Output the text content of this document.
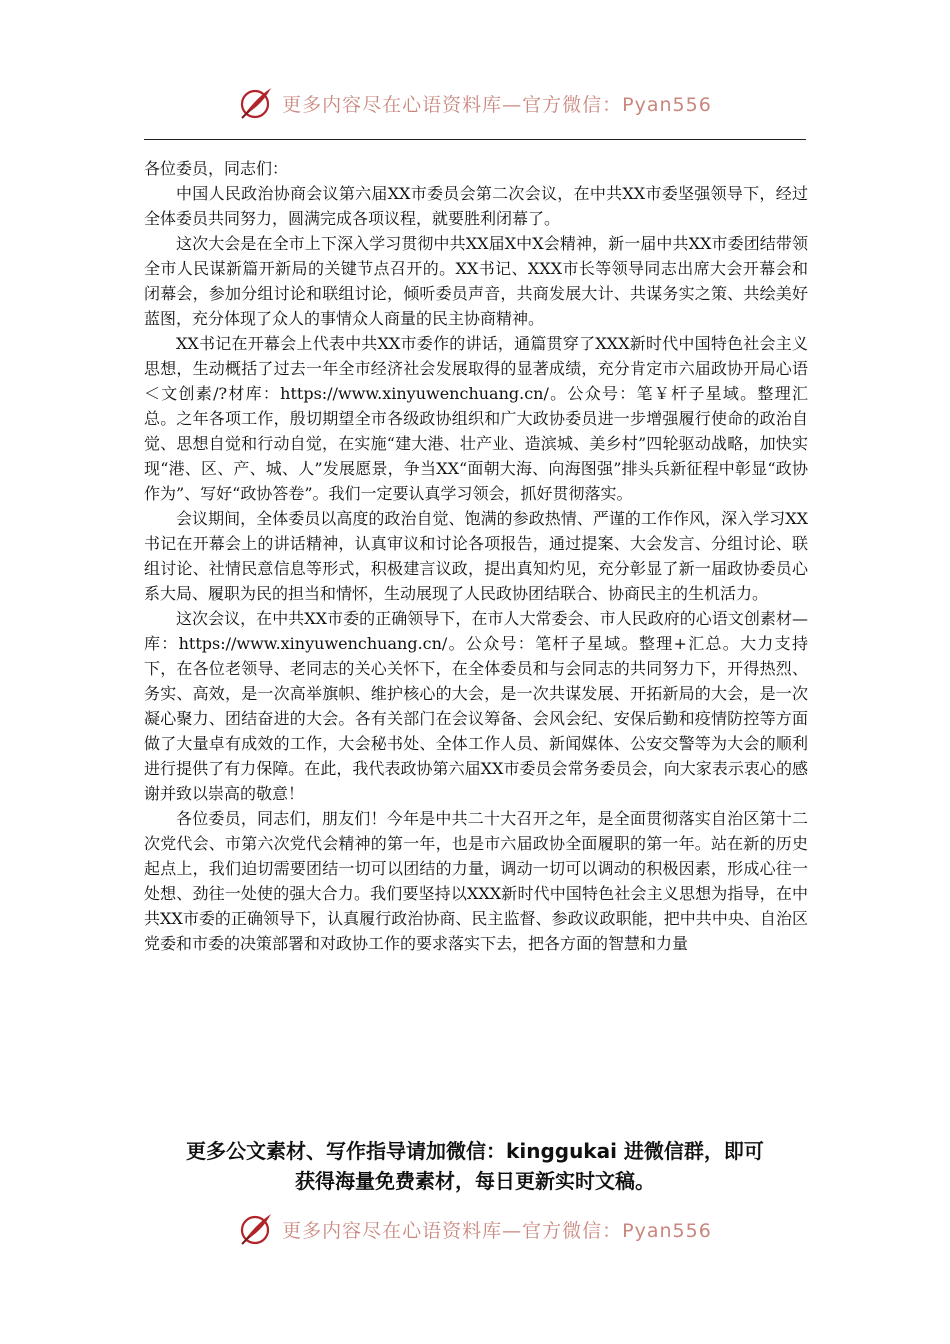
更多内容尽在心语资料库—官方微信：Pyan556

各位委员，同志们：

中国人民政治协商会议第六届XX市委员会第二次会议，在中共XX市委坚强领导下，经过全体委员共同努力，圆满完成各项议程，就要胜利闭幕了。

这次大会是在全市上下深入学习贯彻中共XX届X中X会精神，新一届中共XX市委团结带领全市人民谋新篇开新局的关键节点召开的。XX书记、XXX市长等领导同志出席大会开幕会和闭幕会，参加分组讨论和联组讨论，倾听委员声音，共商发展大计、共谋务实之策、共绘美好蓝图，充分体现了众人的事情众人商量的民主协商精神。

XX书记在开幕会上代表中共XX市委作的讲话，通篇贯穿了XXX新时代中国特色社会主义思想，生动概括了过去一年全市经济社会发展取得的显著成绩，充分肯定市六届政协开局心语＜文创素/?材库：https://www.xinyuwenchuang.cn/。公众号：笔￥杆子星域。整理汇总。之年各项工作，殷切期望全市各级政协组织和广大政协委员进一步增强履行使命的政治自觉、思想自觉和行动自觉，在实施“建大港、壮产业、造滨城、美乡村”四轮驱动战略，加快实现“港、区、产、城、人”发展愿景，争当XX“面朝大海、向海图强”排头兵新征程中彰显“政协作为”、写好“政协答卷”。我们一定要认真学习领会，抓好贯彻落实。

会议期间，全体委员以高度的政治自觉、饱满的参政热情、严谨的工作作风，深入学习XX书记在开幕会上的讲话精神，认真审议和讨论各项报告，通过提案、大会发言、分组讨论、联组讨论、社情民意信息等形式，积极建言议政，提出真知灼见，充分彰显了新一届政协委员心系大局、履职为民的担当和情怀，生动展现了人民政协团结联合、协商民主的生机活力。

这次会议，在中共XX市委的正确领导下，在市人大常委会、市人民政府的心语文创素材—库：https://www.xinyuwenchuang.cn/。公众号：笔杆子星域。整理+汇总。大力支持下，在各位老领导、老同志的关心关怀下，在全体委员和与会同志的共同努力下，开得热烈、务实、高效，是一次高举旗帜、维护核心的大会，是一次共谋发展、开拓新局的大会，是一次凝心聚力、团结奋进的大会。各有关部门在会议筹备、会风会纪、安保后勤和疫情防控等方面做了大量卓有成效的工作，大会秘书处、全体工作人员、新闻媒体、公安交警等为大会的顺利进行提供了有力保障。在此，我代表政协第六届XX市委员会常务委员会，向大家表示衷心的感谢并致以崇高的敬意！

各位委员，同志们，朋友们！今年是中共二十大召开之年，是全面贯彻落实自治区第十二次党代会、市第六次党代会精神的第一年，也是市六届政协全面履职的第一年。站在新的历史起点上，我们迫切需要团结一切可以团结的力量，调动一切可以调动的积极因素，形成心往一处想、劲往一处使的强大合力。我们要坚持以XXX新时代中国特色社会主义思想为指导，在中共XX市委的正确领导下，认真履行政治协商、民主监督、参政议政职能，把中共中央、自治区党委和市委的决策部署和对政协工作的要求落实下去，把各方面的智慧和力量

更多公文素材、写作指导请加微信：kinggukai 进微信群，即可
获得海量免费素材，每日更新实时文稿。
更多内容尽在心语资料库—官方微信：Pyan556
